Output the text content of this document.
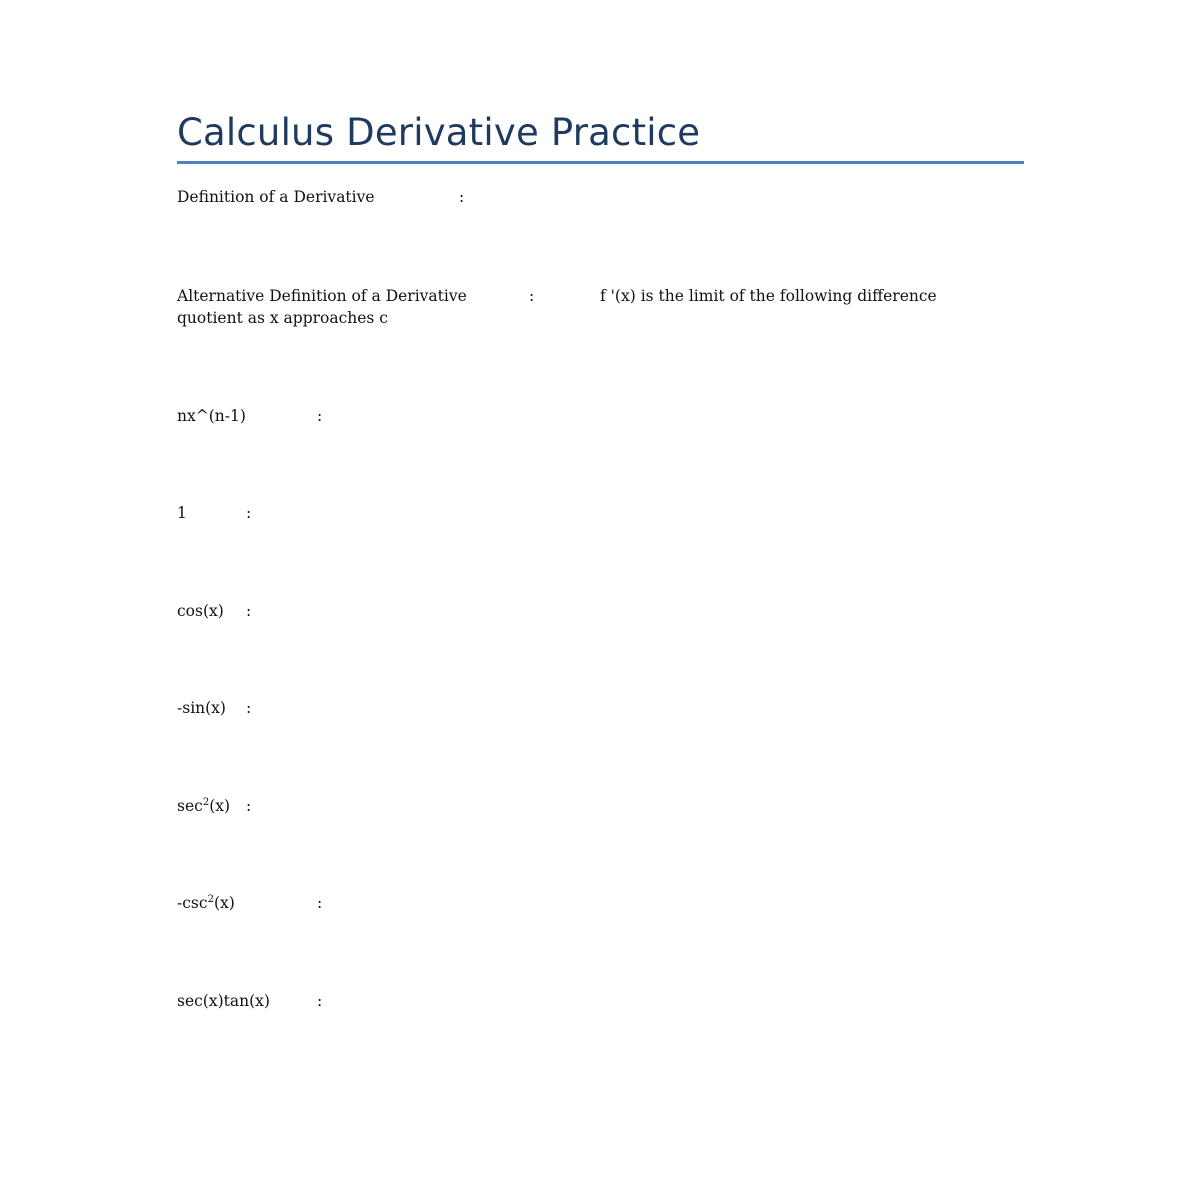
Calculus Derivative Practice
Definition of a Derivative	:
Alternative Definition of a Derivative	:	f '(x) is the limit of the following difference
quotient as x approaches c
nx^(n-1)	:
1	:
cos(x) :
-sin(x) :
$\sec^2(x)$ :
$-\csc^2(x)$	:
sec(x)tan(x)	:
